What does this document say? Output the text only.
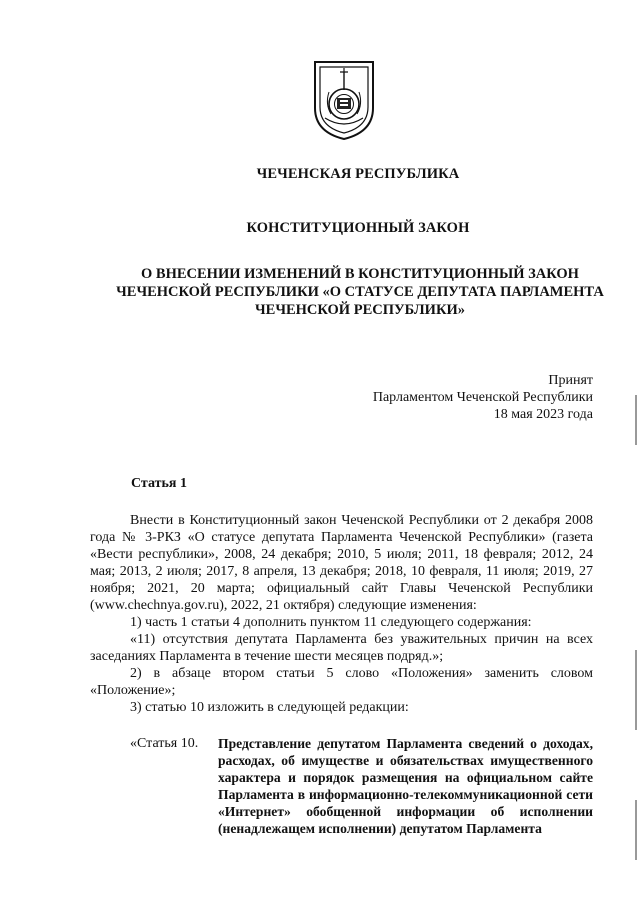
ЧЕЧЕНСКАЯ РЕСПУБЛИКА
КОНСТИТУЦИОННЫЙ ЗАКОН
О ВНЕСЕНИИ ИЗМЕНЕНИЙ В КОНСТИТУЦИОННЫЙ ЗАКОН ЧЕЧЕНСКОЙ РЕСПУБЛИКИ «О СТАТУСЕ ДЕПУТАТА ПАРЛАМЕНТА ЧЕЧЕНСКОЙ РЕСПУБЛИКИ»
Принят
Парламентом Чеченской Республики
18 мая 2023 года
Статья 1

Внести в Конституционный закон Чеченской Республики от 2 декабря 2008 года № 3-РКЗ «О статусе депутата Парламента Чеченской Республики» (газета «Вести республики», 2008, 24 декабря; 2010, 5 июля; 2011, 18 февраля; 2012, 24 мая; 2013, 2 июля; 2017, 8 апреля, 13 декабря; 2018, 10 февраля, 11 июля; 2019, 27 ноября; 2021, 20 марта; официальный сайт Главы Чеченской Республики (www.chechnya.gov.ru), 2022, 21 октября) следующие изменения:

1) часть 1 статьи 4 дополнить пунктом 11 следующего содержания:

«11) отсутствия депутата Парламента без уважительных причин на всех заседаниях Парламента в течение шести месяцев подряд.»;

2) в абзаце втором статьи 5 слово «Положения» заменить словом «Положение»;

3) статью 10 изложить в следующей редакции:

«Статья 10. Представление депутатом Парламента сведений о доходах, расходах, об имуществе и обязательствах имущественного характера и порядок размещения на официальном сайте Парламента в информационно-телекоммуникационной сети «Интернет» обобщенной информации об исполнении (ненадлежащем исполнении) депутатом Парламента
